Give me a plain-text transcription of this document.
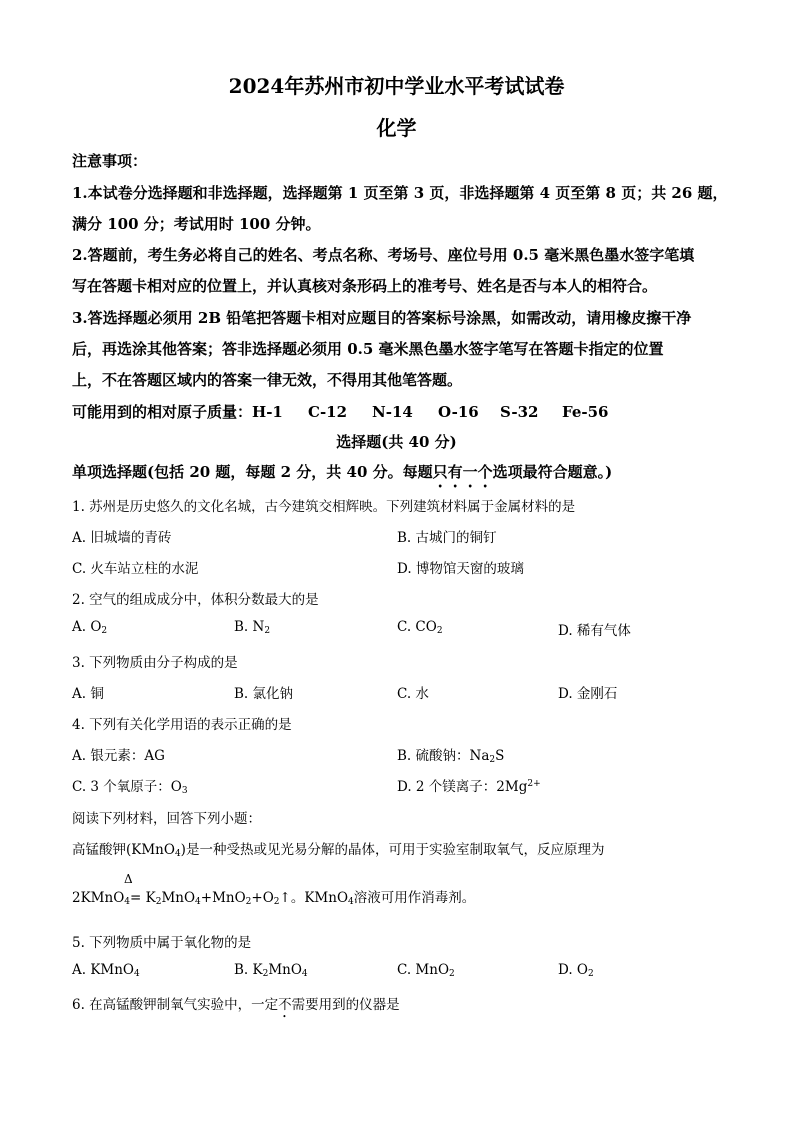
2024年苏州市初中学业水平考试试卷
化学
注意事项：
1.本试卷分选择题和非选择题，选择题第 1 页至第 3 页，非选择题第 4 页至第 8 页；共 26 题，
满分 100 分；考试用时 100 分钟。
2.答题前，考生务必将自己的姓名、考点名称、考场号、座位号用 0.5 毫米黑色墨水签字笔填
写在答题卡相对应的位置上，并认真核对条形码上的准考号、姓名是否与本人的相符合。
3.答选择题必须用 2B 铅笔把答题卡相对应题目的答案标号涂黑，如需改动，请用橡皮擦干净
后，再选涂其他答案；答非选择题必须用 0.5 毫米黑色墨水签字笔写在答题卡指定的位置
上，不在答题区域内的答案一律无效，不得用其他笔答题。
可能用到的相对原子质量：H-1 C-12 N-14 O-16 S-32 Fe-56
选择题(共 40 分)
单项选择题(包括 20 题，每题 2 分，共 40 分。每题只有一个选项最符合题意。)
1. 苏州是历史悠久的文化名城，古今建筑交相辉映。下列建筑材料属于金属材料的是
A. 旧城墙的青砖	B. 古城门的铜钉
C. 火车站立柱的水泥	D. 博物馆天窗的玻璃
2. 空气的组成成分中，体积分数最大的是
A. $O_2$	B. $N_2$	C. $CO_2$	D. 稀有气体
3. 下列物质由分子构成的是
A. 铜	B. 氯化钠	C. 水	D. 金刚石
4. 下列有关化学用语的表示正确的是
A. 银元素：AG	B. 硫酸钠：$Na_2S$
C. 3 个氧原子：$O_3$	D. 2 个镁离子：$2Mg^{2+}$
阅读下列材料，回答下列小题：
高锰酸钾(KMnO$_4$)是一种受热或见光易分解的晶体，可用于实验室制取氧气，反应原理为
Δ
2KMnO$_4$= $K_2MnO_4+MnO_2+O_2↑$。KMnO$_4$溶液可用作消毒剂。
5. 下列物质中属于氧化物的是
A. KMnO$_4$	B. $K_2MnO_4$	C. MnO$_2$	D. $O_2$
6. 在高锰酸钾制氧气实验中，一定不需要用到的仪器是
